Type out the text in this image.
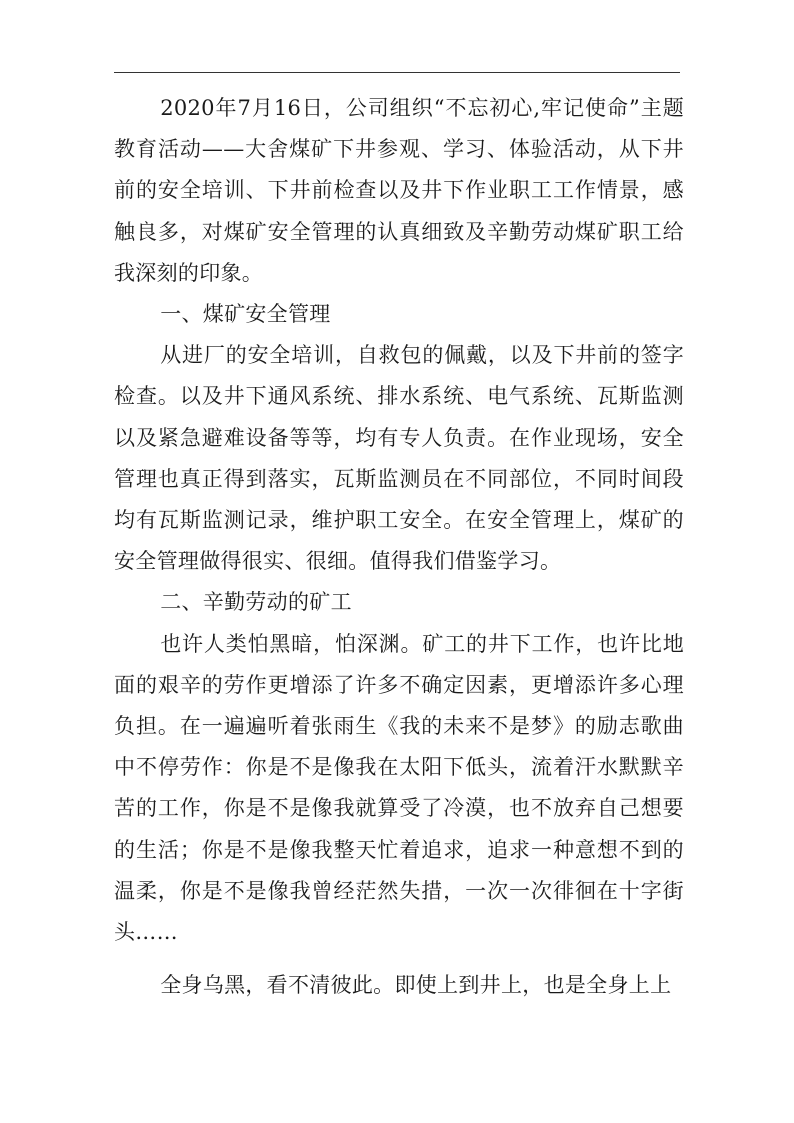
2020年7月16日，公司组织“不忘初心,牢记使命”主题教育活动——大舍煤矿下井参观、学习、体验活动，从下井前的安全培训、下井前检查以及井下作业职工工作情景，感触良多，对煤矿安全管理的认真细致及辛勤劳动煤矿职工给我深刻的印象。

一、煤矿安全管理

从进厂的安全培训，自救包的佩戴，以及下井前的签字检查。以及井下通风系统、排水系统、电气系统、瓦斯监测以及紧急避难设备等等，均有专人负责。在作业现场，安全管理也真正得到落实，瓦斯监测员在不同部位，不同时间段均有瓦斯监测记录，维护职工安全。在安全管理上，煤矿的安全管理做得很实、很细。值得我们借鉴学习。

二、辛勤劳动的矿工

也许人类怕黑暗，怕深渊。矿工的井下工作，也许比地面的艰辛的劳作更增添了许多不确定因素，更增添许多心理负担。在一遍遍听着张雨生《我的未来不是梦》的励志歌曲中不停劳作：你是不是像我在太阳下低头，流着汗水默默辛苦的工作，你是不是像我就算受了冷漠，也不放弃自己想要的生活；你是不是像我整天忙着追求，追求一种意想不到的温柔，你是不是像我曾经茫然失措，一次一次徘徊在十字街头……

全身乌黑，看不清彼此。即使上到井上，也是全身上上
